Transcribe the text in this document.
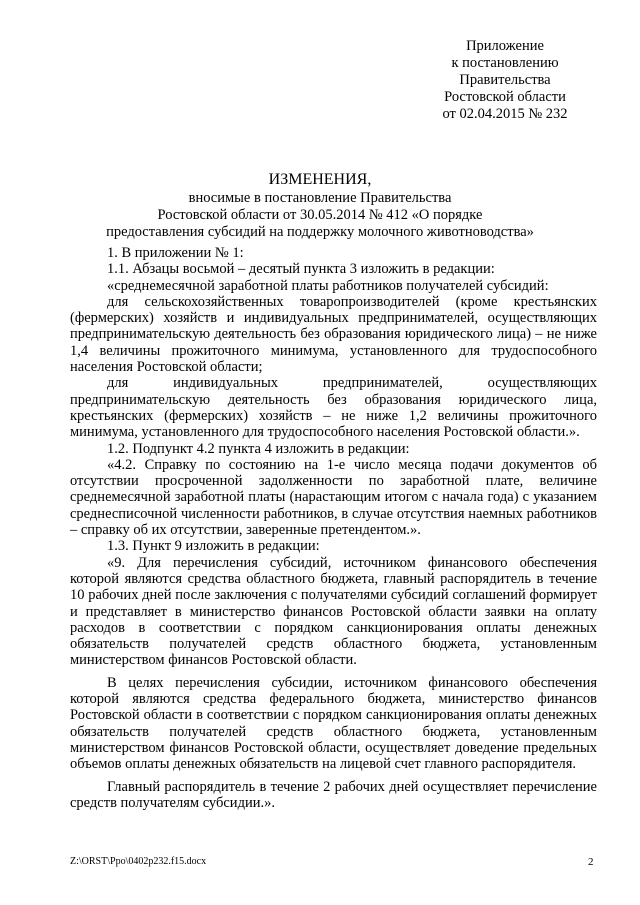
Приложение
к постановлению
Правительства
Ростовской области
от 02.04.2015 № 232
ИЗМЕНЕНИЯ,
вносимые в постановление Правительства
Ростовской области от 30.05.2014 № 412 «О порядке
предоставления субсидий на поддержку молочного животноводства»

1. В приложении № 1:

1.1. Абзацы восьмой – десятый пункта 3 изложить в редакции:

«среднемесячной заработной платы работников получателей субсидий:

для сельскохозяйственных товаропроизводителей (кроме крестьянских (фермерских) хозяйств и индивидуальных предпринимателей, осуществляющих предпринимательскую деятельность без образования юридического лица) – не ниже 1,4 величины прожиточного минимума, установленного для трудоспособного населения Ростовской области;

для индивидуальных предпринимателей, осуществляющих предпринимательскую деятельность без образования юридического лица, крестьянских (фермерских) хозяйств – не ниже 1,2 величины прожиточного минимума, установленного для трудоспособного населения Ростовской области.».

1.2. Подпункт 4.2 пункта 4 изложить в редакции:

«4.2. Справку по состоянию на 1-е число месяца подачи документов об отсутствии просроченной задолженности по заработной плате, величине среднемесячной заработной платы (нарастающим итогом с начала года) с указанием среднесписочной численности работников, в случае отсутствия наемных работников – справку об их отсутствии, заверенные претендентом.».

1.3. Пункт 9 изложить в редакции:

«9. Для перечисления субсидий, источником финансового обеспечения которой являются средства областного бюджета, главный распорядитель в течение 10 рабочих дней после заключения с получателями субсидий соглашений формирует и представляет в министерство финансов Ростовской области заявки на оплату расходов в соответствии с порядком санкционирования оплаты денежных обязательств получателей средств областного бюджета, установленным министерством финансов Ростовской области.

В целях перечисления субсидии, источником финансового обеспечения которой являются средства федерального бюджета, министерство финансов Ростовской области в соответствии с порядком санкционирования оплаты денежных обязательств получателей средств областного бюджета, установленным министерством финансов Ростовской области, осуществляет доведение предельных объемов оплаты денежных обязательств на лицевой счет главного распорядителя.

Главный распорядитель в течение 2 рабочих дней осуществляет перечисление средств получателям субсидии.».

Z:\ORST\Ppo\0402p232.f15.docx	2
